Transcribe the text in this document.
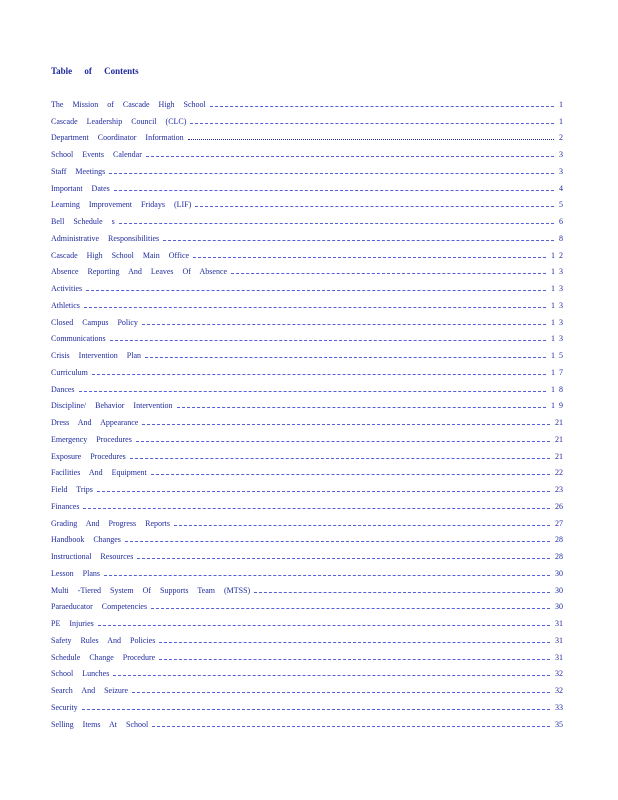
Table of Contents
The Mission of Cascade High School	1
Cascade Leadership Council (CLC)	1
Department Coordinator Information	2
School Events Calendar	3
Staff Meetings	3
Important Dates	4
Learning Improvement Fridays (LIF)	5
Bell Schedule s	6
Administrative Responsibilities	8
Cascade High School Main Office	1 2
Absence Reporting And Leaves Of Absence	1 3
Activities	1 3
Athletics	1 3
Closed Campus Policy	1 3
Communications	1 3
Crisis Intervention Plan	1 5
Curriculum	1 7
Dances	1 8
Discipline/ Behavior Intervention	1 9
Dress And Appearance	21
Emergency Procedures	21
Exposure Procedures	21
Facilities And Equipment	22
Field Trips	23
Finances	26
Grading And Progress Reports	27
Handbook Changes	28
Instructional Resources	28
Lesson Plans	30
Multi -Tiered System Of Supports Team (MTSS)	30
Paraeducator Competencies	30
PE Injuries	31
Safety Rules And Policies	31
Schedule Change Procedure	31
School Lunches	32
Search And Seizure	32
Security	33
Selling Items At School	35
